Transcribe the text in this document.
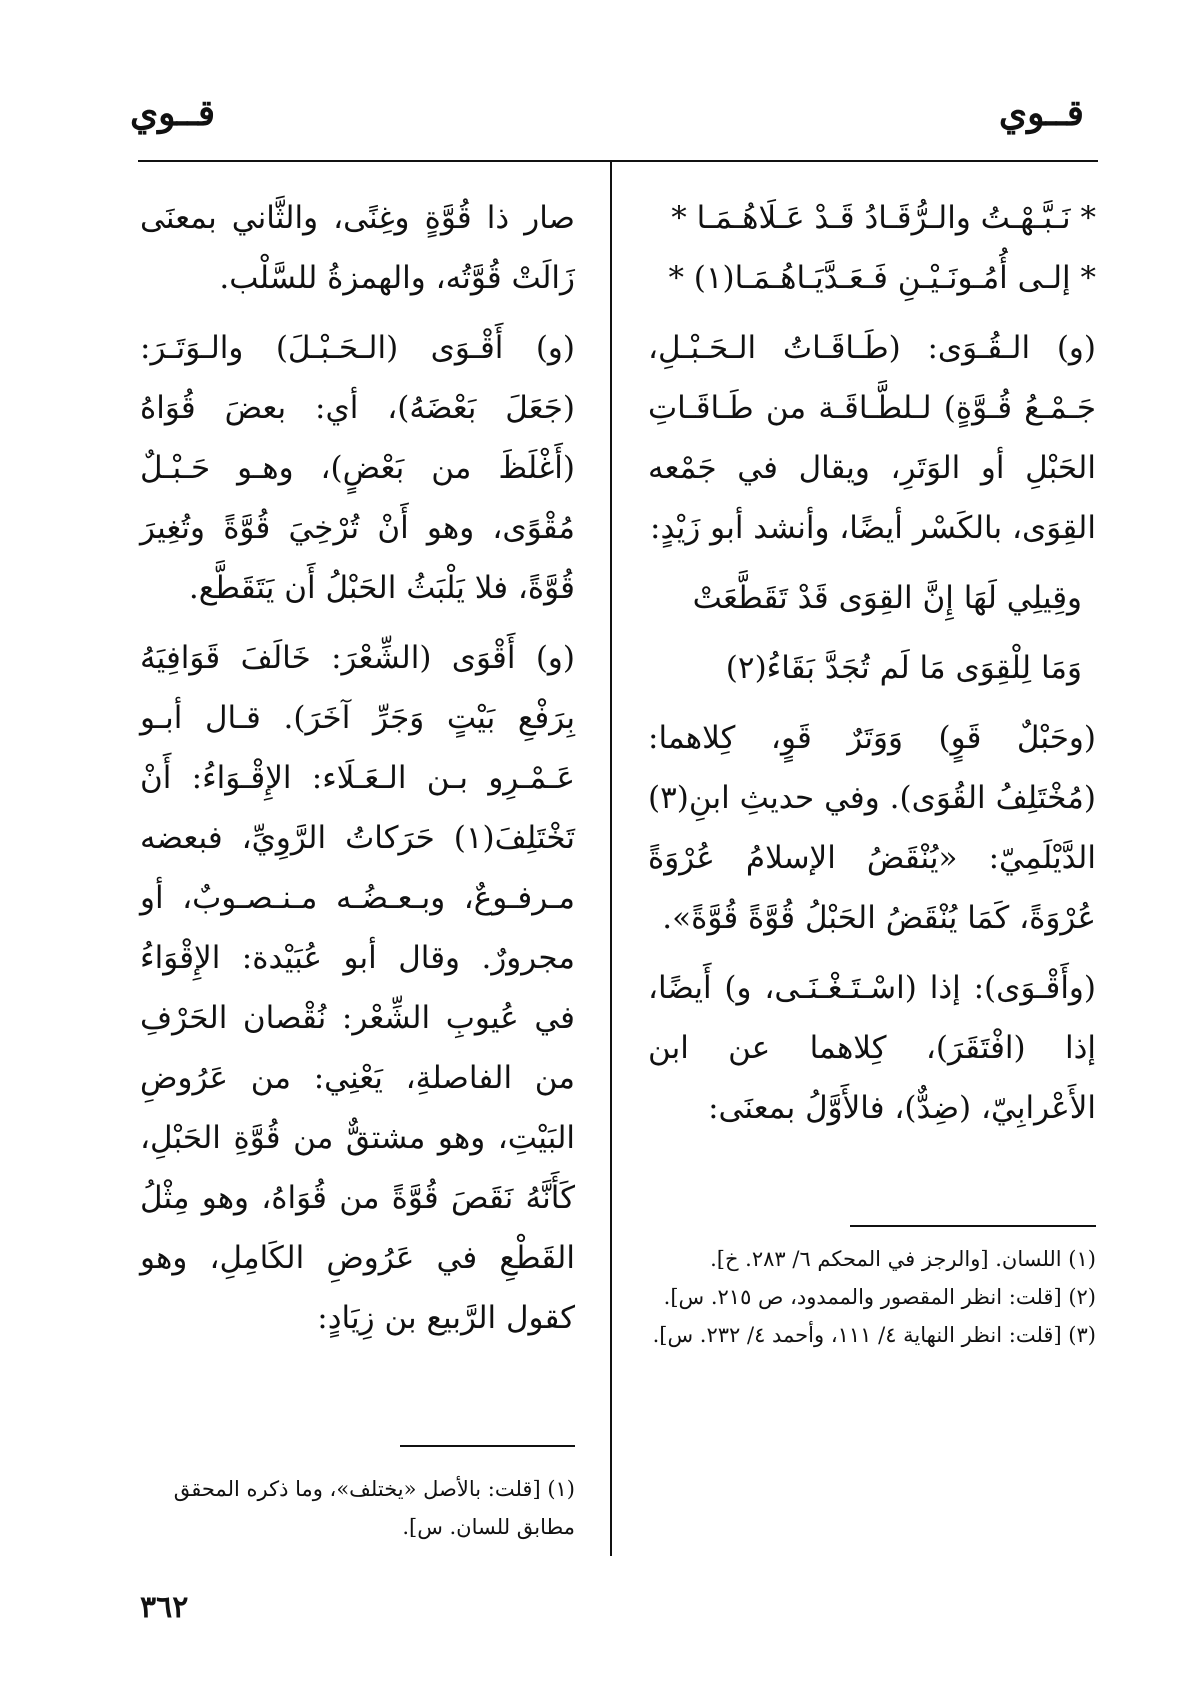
قــوي
قــوي
* نَـبَّـهْـتُ والـرُّقَـادُ قَـدْ عَـلَاهُـمَـا *
* إلـى أُمُـونَـيْـنِ فَـعَـدَّيَـاهُـمَـا(١) *

(و) الـقُـوَى: (طَـاقَـاتُ الـحَـبْـلِ، جَـمْـعُ قُـوَّةٍ) لـلطَّـاقَـة من طَـاقَـاتِ الحَبْلِ أو الوَتَرِ، ويقال في جَمْعه القِوَى، بالكَسْر أيضًا، وأنشد أبو زَيْدٍ:

وقِيلِي لَهَا إِنَّ القِوَى قَدْ تَقَطَّعَتْ
وَمَا لِلْقِوَى مَا لَم تُجَدَّ بَقَاءُ(٢)

(وحَبْلٌ قَوٍ) وَوَتَرٌ قَوٍ، كِلاهما: (مُخْتَلِفُ القُوَى). وفي حديثِ ابنِ(٣) الدَّيْلَمِيّ: «يُنْقَضُ الإسلامُ عُرْوَةً عُرْوَةً، كَمَا يُنْقَضُ الحَبْلُ قُوَّةً قُوَّةً».

(وأَقْـوَى): إذا (اسْـتَـغْـنَـى، و) أَيضًا، إذا (افْتَقَرَ)، كِلاهما عن ابن الأَعْرابِيّ، (ضِدٌّ)، فالأَوَّلُ بمعنَى:

(١) اللسان. [والرجز في المحكم ٦/ ٢٨٣. خ].
(٢) [قلت: انظر المقصور والممدود، ص ٢١٥. س].
(٣) [قلت: انظر النهاية ٤/ ١١١، وأحمد ٤/ ٢٣٢. س].

صار ذا قُوَّةٍ وغِنًى، والثَّاني بمعنَى زَالَتْ قُوَّتُه، والهمزةُ للسَّلْب.

(و) أَقْـوَى (الـحَـبْـلَ) والـوَتَـرَ: (جَعَلَ بَعْضَهُ)، أي: بعضَ قُوَاهُ (أَغْلَظَ من بَعْضٍ)، وهـو حَـبْـلٌ مُقْوًى، وهو أَنْ تُرْخِيَ قُوَّةً وتُغِيرَ قُوَّةً، فلا يَلْبَثُ الحَبْلُ أَن يَتَقَطَّع.

(و) أَقْوَى (الشِّعْرَ: خَالَفَ قَوَافِيَهُ بِرَفْعِ بَيْتٍ وَجَرِّ آخَرَ). قـال أبـو عَـمْـرِو بـن الـعَـلَاء: الإِقْـوَاءُ: أَنْ تَخْتَلِفَ(١) حَرَكاتُ الرَّوِيِّ، فبعضه مـرفـوعٌ، وبـعـضُـه مـنـصـوبٌ، أو مجرورٌ. وقال أبو عُبَيْدة: الإِقْوَاءُ في عُيوبِ الشِّعْر: نُقْصان الحَرْفِ من الفاصلةِ، يَعْنِي: من عَرُوضِ البَيْتِ، وهو مشتقٌّ من قُوَّةِ الحَبْلِ، كَأَنَّهُ نَقَصَ قُوَّةً من قُوَاهُ، وهو مِثْلُ القَطْعِ في عَرُوضِ الكَامِلِ، وهو كقول الرَّبيع بن زِيَادٍ:

(١) [قلت: بالأصل «يختلف»، وما ذكره المحقق مطابق للسان. س].
٣٦٢
